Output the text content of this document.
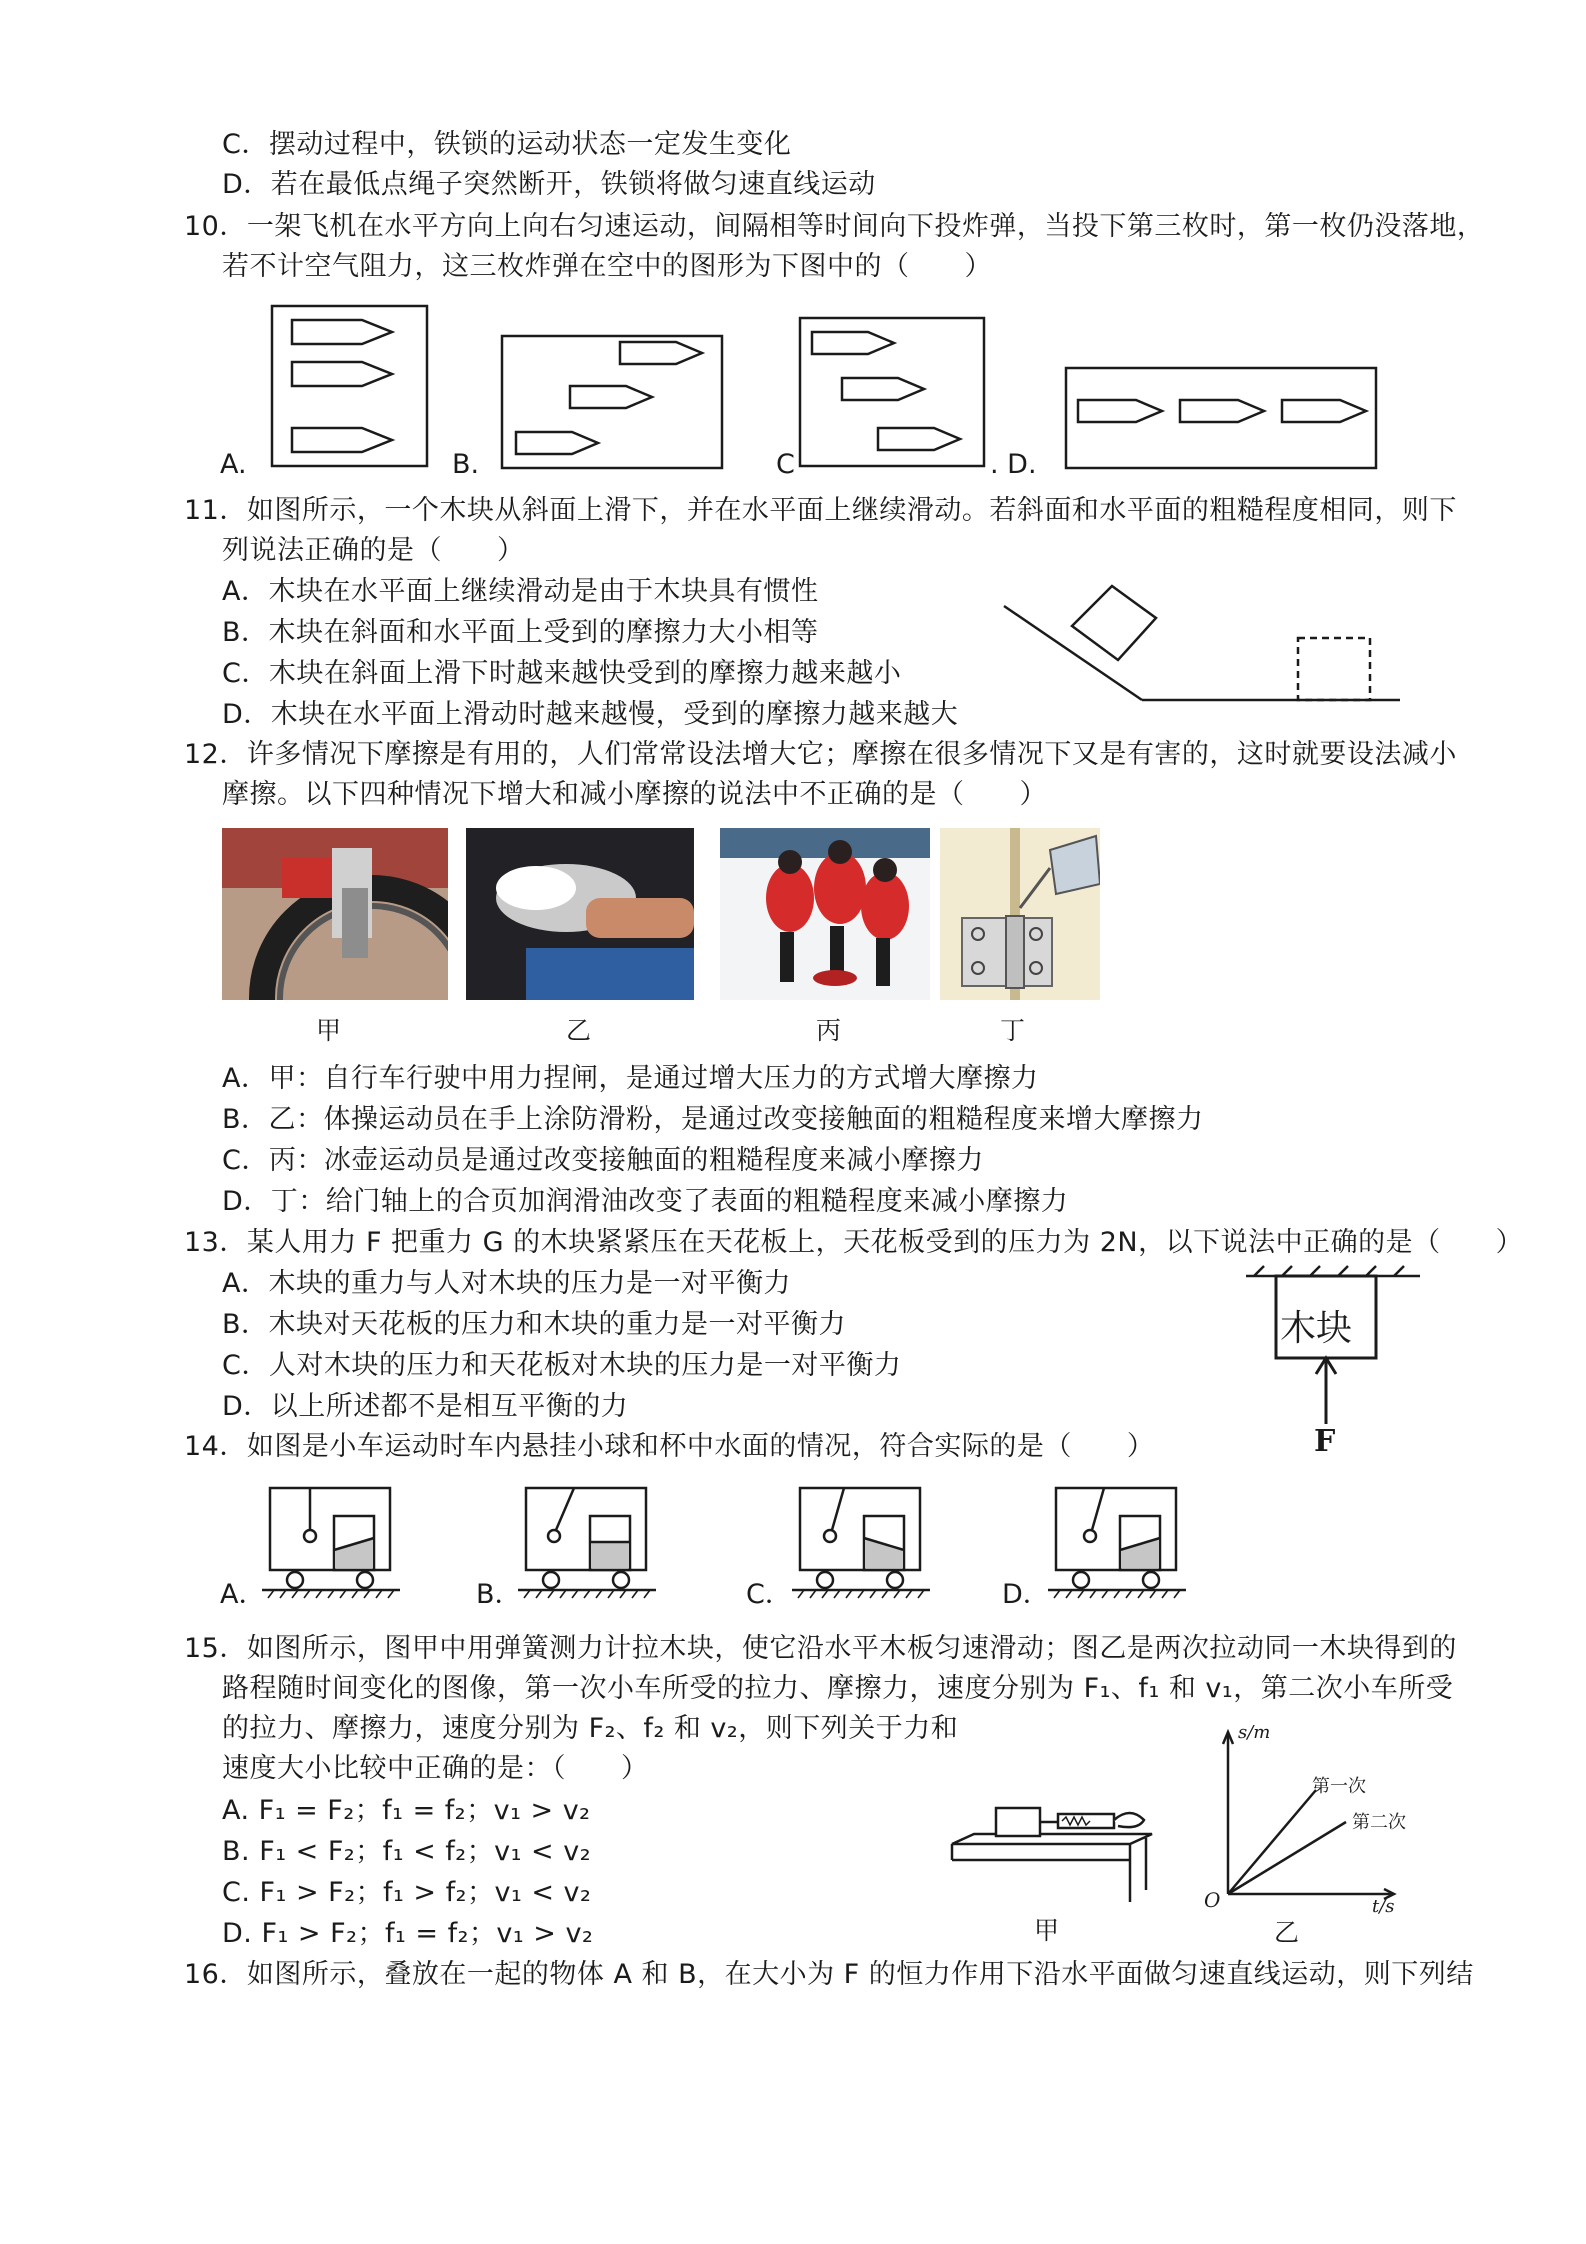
C．摆动过程中，铁锁的运动状态一定发生变化
D．若在最低点绳子突然断开，铁锁将做匀速直线运动
10．一架飞机在水平方向上向右匀速运动，间隔相等时间向下投炸弹，当投下第三枚时，第一枚仍没落地，
若不计空气阻力，这三枚炸弹在空中的图形为下图中的（　　）
A.	B.	C	. D.
11．如图所示，一个木块从斜面上滑下，并在水平面上继续滑动。若斜面和水平面的粗糙程度相同，则下
列说法正确的是（　　）
A．木块在水平面上继续滑动是由于木块具有惯性
B．木块在斜面和水平面上受到的摩擦力大小相等
C．木块在斜面上滑下时越来越快受到的摩擦力越来越小
D．木块在水平面上滑动时越来越慢，受到的摩擦力越来越大
12．许多情况下摩擦是有用的，人们常常设法增大它；摩擦在很多情况下又是有害的，这时就要设法减小
摩擦。以下四种情况下增大和减小摩擦的说法中不正确的是（　　）
甲	乙	丙	丁
A．甲：自行车行驶中用力捏闸，是通过增大压力的方式增大摩擦力
B．乙：体操运动员在手上涂防滑粉，是通过改变接触面的粗糙程度来增大摩擦力
C．丙：冰壶运动员是通过改变接触面的粗糙程度来减小摩擦力
D．丁：给门轴上的合页加润滑油改变了表面的粗糙程度来减小摩擦力
13．某人用力 F 把重力 G 的木块紧紧压在天花板上，天花板受到的压力为 2N，以下说法中正确的是（　　）
A．木块的重力与人对木块的压力是一对平衡力
B．木块对天花板的压力和木块的重力是一对平衡力
C．人对木块的压力和天花板对木块的压力是一对平衡力
D．以上所述都不是相互平衡的力
木块
F
14．如图是小车运动时车内悬挂小球和杯中水面的情况，符合实际的是（　　）
A．	B．	C．	D．
15．如图所示，图甲中用弹簧测力计拉木块，使它沿水平木板匀速滑动；图乙是两次拉动同一木块得到的
路程随时间变化的图像，第一次小车所受的拉力、摩擦力，速度分别为 F₁、f₁ 和 v₁，第二次小车所受
的拉力、摩擦力，速度分别为 F₂、f₂ 和 v₂，则下列关于力和
速度大小比较中正确的是：（　　）
A. F₁ = F₂；f₁ = f₂；v₁ > v₂
B. F₁ < F₂；f₁ < f₂；v₁ < v₂
C. F₁ > F₂；f₁ > f₂；v₁ < v₂
D. F₁ > F₂；f₁ = f₂；v₁ > v₂	甲
s/m
t/s
O
第一次
第二次
乙
16．如图所示，叠放在一起的物体 A 和 B，在大小为 F 的恒力作用下沿水平面做匀速直线运动，则下列结
